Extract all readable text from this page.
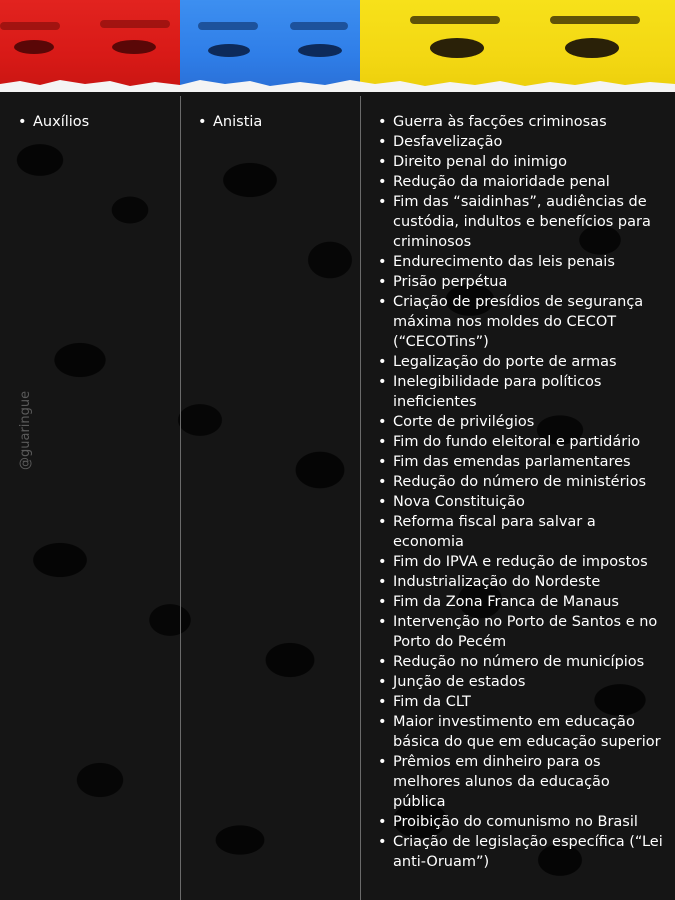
@guaringue
• Auxílios	• Anistia	• Guerra às facções criminosas
• Desfavelização
• Direito penal do inimigo
• Redução da maioridade penal
• Fim das “saidinhas”, audiências de custódia, indultos e benefícios para criminosos
• Endurecimento das leis penais
• Prisão perpétua
• Criação de presídios de segurança máxima nos moldes do CECOT (“CECOTins”)
• Legalização do porte de armas
• Inelegibilidade para políticos ineficientes
• Corte de privilégios
• Fim do fundo eleitoral e partidário
• Fim das emendas parlamentares
• Redução do número de ministérios
• Nova Constituição
• Reforma fiscal para salvar a economia
• Fim do IPVA e redução de impostos
• Industrialização do Nordeste
• Fim da Zona Franca de Manaus
• Intervenção no Porto de Santos e no Porto do Pecém
• Redução no número de municípios
• Junção de estados
• Fim da CLT
• Maior investimento em educação básica do que em educação superior
• Prêmios em dinheiro para os melhores alunos da educação pública
• Proibição do comunismo no Brasil
• Criação de legislação específica (“Lei anti-Oruam”)
